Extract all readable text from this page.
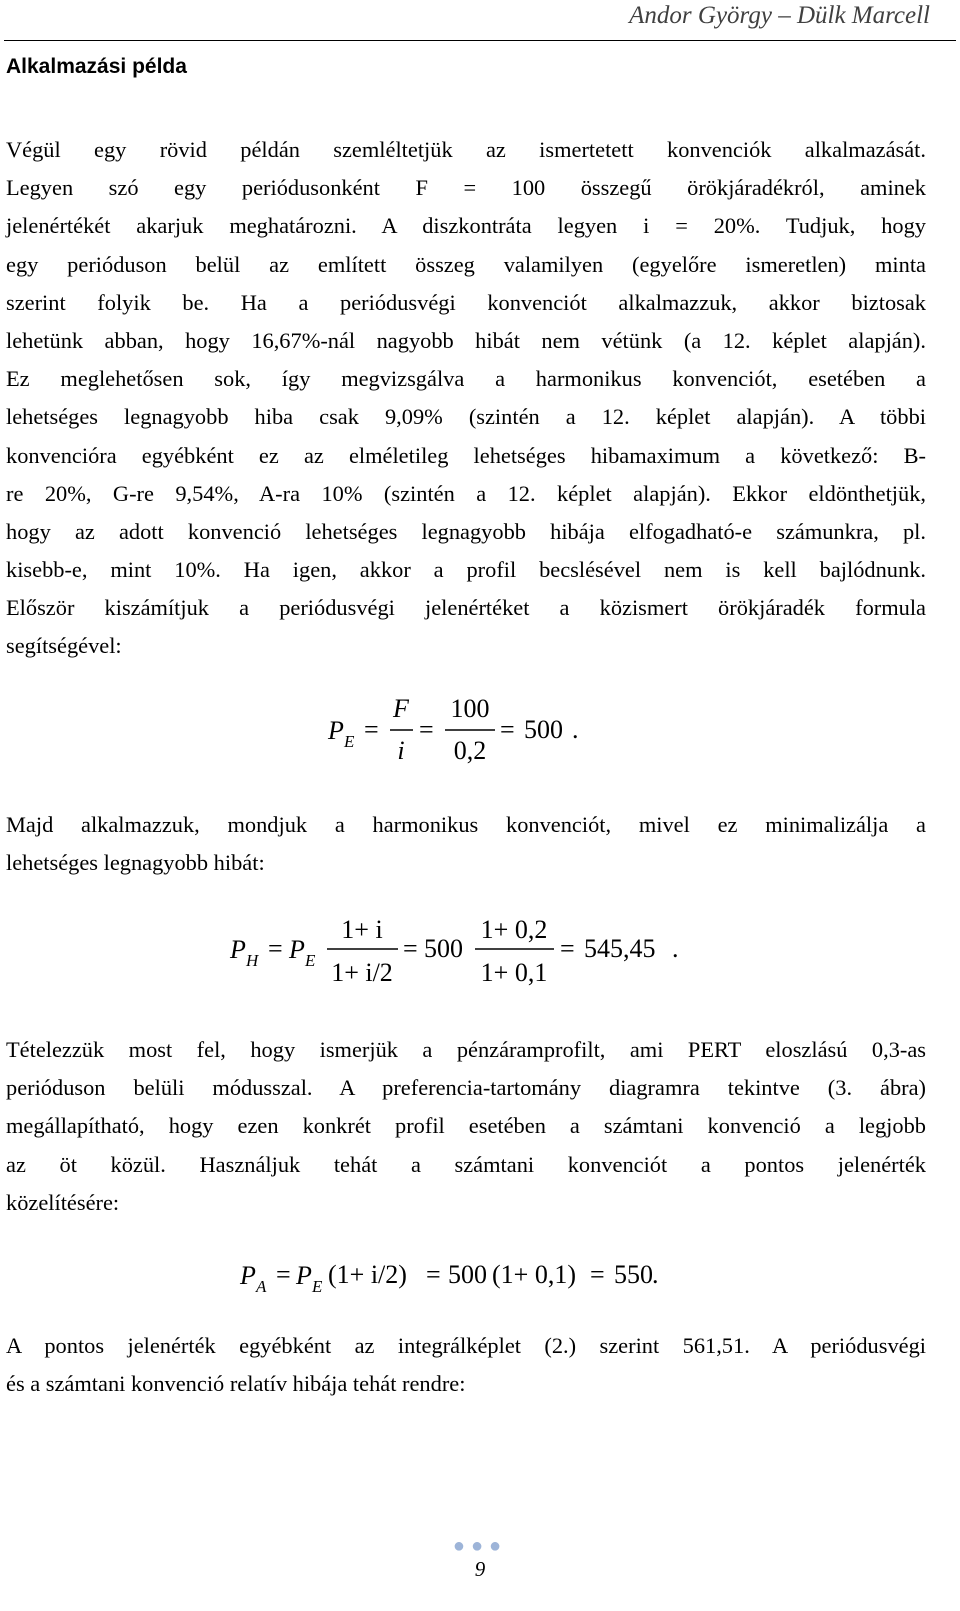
Andor György – Dülk Marcell
Alkalmazási példa
Végül egy rövid példán szemléltetjük az ismertetett konvenciók alkalmazását.
Legyen szó egy periódusonként F = 100 összegű örökjáradékról, aminek
jelenértékét akarjuk meghatározni. A diszkontráta legyen i = 20%. Tudjuk, hogy
egy perióduson belül az említett összeg valamilyen (egyelőre ismeretlen) minta
szerint folyik be. Ha a periódusvégi konvenciót alkalmazzuk, akkor biztosak
lehetünk abban, hogy 16,67%-nál nagyobb hibát nem vétünk (a 12. képlet alapján).
Ez meglehetősen sok, így megvizsgálva a harmonikus konvenciót, esetében a
lehetséges legnagyobb hiba csak 9,09% (szintén a 12. képlet alapján). A többi
konvencióra egyébként ez az elméletileg lehetséges hibamaximum a következő: B-
re 20%, G-re 9,54%, A-ra 10% (szintén a 12. képlet alapján). Ekkor eldönthetjük,
hogy az adott konvenció lehetséges legnagyobb hibája elfogadható-e számunkra, pl.
kisebb-e, mint 10%. Ha igen, akkor a profil becslésével nem is kell bajlódnunk.
Először kiszámítjuk a periódusvégi jelenértéket a közismert örökjáradék formula
segítségével:
P E =
F
i
=
100
0,2
= 500 .
Majd alkalmazzuk, mondjuk a harmonikus konvenciót, mivel ez minimalizálja a
lehetséges legnagyobb hibát:
P H = P E
1+ i
1+ i/2
= 500
1+ 0,2
1+ 0,1
= 545,45 .
Tételezzük most fel, hogy ismerjük a pénzáramprofilt, ami PERT eloszlású 0,3-as
perióduson belüli módusszal. A preferencia-tartomány diagramra tekintve (3. ábra)
megállapítható, hogy ezen konkrét profil esetében a számtani konvenció a legjobb
az öt közül. Használjuk tehát a számtani konvenciót a pontos jelenérték
közelítésére:
P A = P E (1+ i/2) = 500 (1+ 0,1) = 550 .
A pontos jelenérték egyébként az integrálképlet (2.) szerint 561,51. A periódusvégi
és a számtani konvenció relatív hibája tehát rendre:
●●●
9
